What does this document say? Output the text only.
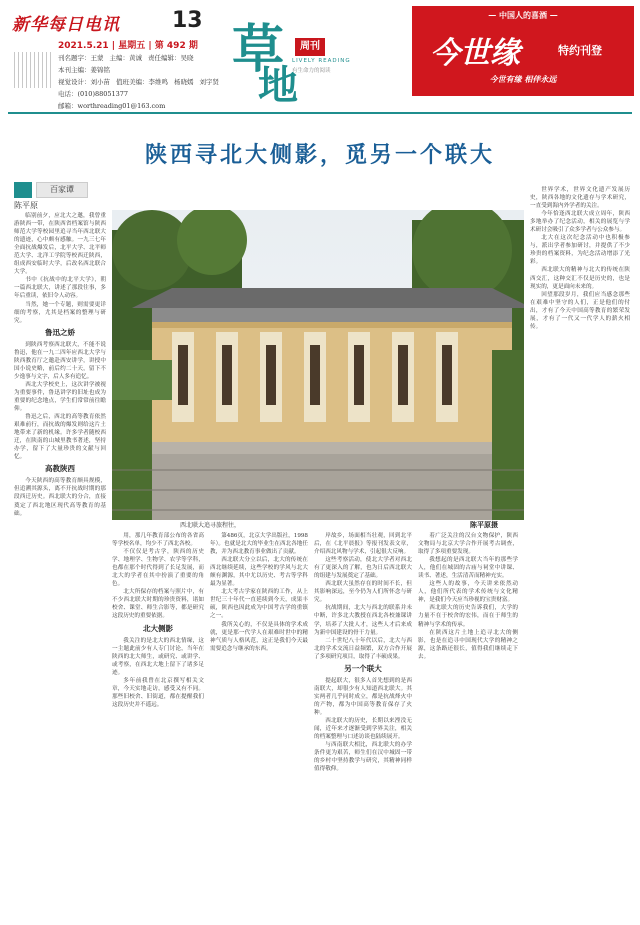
新华每日电讯 13
2021.5.21 | 星期五 | 第 492 期
刊名题字：王蒙 主编：黄诚 责任编辑：吴晓
本刊主编：姜锦铭
视觉设计：刘小苗 值班美编：李维鸣 杨晓嫣 刘宇贤
电话：(010)88051377
邮箱：worthreading01@163.com
草
地
周刊
LIVELY READING
有生命力的阅读
— 中国人的喜酒 —
今世缘	特约刊登
今世有缘 相伴永远
陕西寻北大侧影，觅另一个联大
百家谭
陈平原
西北联大追寻旅程往，	陈平原摄

临别前夕，应北大之邀，我曾重游陕西一带，在陕西省档案馆与陕西师范大学等校园里追寻当年西北联大的遗迹，心中颇有感触。一九三七年全面抗战爆发后，北平大学、北平师范大学、北洋工学院等校西迁陕西，组成西安临时大学，后改名西北联合大学。

书中《抗战中的北平大学》，朝一篇西北联大，讲述了那段往事，多年后重读，依旧令人动容。

当然，她一个专题，则需要更详细的考察，尤其是档案的整理与研究。

鲁迅之娇

到陕西考察西北联大，不能不说鲁迅，他在一九二四年应西北大学与陕西教育厅之邀赴西安讲学，讲授中国小说史略，前后约二十天，留下不少逸事与文字，后人多有追忆。

西北大学校史上，这次讲学被视为重要事件，鲁迅讲学的旧址也成为重要的纪念地点，学生们常常前往瞻仰。

鲁迅之后，西北的高等教育依然艰难前行，而抗战的爆发则给这片土地带来了新的机缘。许多学者随校西迁，在陕南的山城里教书著述，坚持办学，留下了大量珍贵的文献与回忆。

高教陕西

今天陕西的高等教育颇具规模，但追溯其源头，离不开抗战时期的那段西迁历史。西北联大的分合，直接奠定了西北地区现代高等教育的基础。

用，那几年教育部公布的各省高等学校名单，均少不了西北各校。

不仅仅是考古学，陕西的历史学、地理学、生物学、农学等学科，也都在那个时代得到了长足发展，而北大的学者在其中扮演了重要的角色。

北大所保存的档案与照片中，有不少西北联大时期的珍贵资料，诸如校舍、课堂、师生合影等，都是研究这段历史的重要依据。

北大侧影

我关注的是北大的西北情缘，这一主题此前少有人专门讨论，当年在陕西的北大师生，或研究、或讲学、或考察，在西北大地上留下了诸多足迹。

多年前我曾在北京撰写相关文章，今天实地走访，感受又有不同。那些旧校舍、旧街道，都在提醒我们这段历史并不遥远。

第486页，北京大学出版社，1998年）。也就是北大的毕业生在西北各地任教，并为西北教育事业做出了贡献。

西北联大分立以后，北大的传统在西北继续延续，这些学校的学风与北大颇有渊源，其中尤以历史、考古等学科最为显著。

北大考古学家在陕西的工作，从上世纪三十年代一直延续到今天，成果丰硕，陕西也因此成为中国考古学的重镇之一。

我所关心的，不仅是具体的学术成就，更是那一代学人在艰难时世中的精神气质与人格风范，这正是我们今天最需要追念与继承的东西。

岸故乡，场面相当壮观，回到北平后，在《北平晨报》等报刊发表文章，介绍西北风物与学术，引起很大反响。

这些考察活动，使北大学者对西北有了更深入的了解，也为日后西北联大的组建与发展奠定了基础。

西北联大虽然存在的时间不长，但其影响深远，至今仍为人们所怀念与研究。

抗战期间，北大与西北的联系并未中断，许多北大教授在西北各校兼课讲学，培养了大批人才，这些人才后来成为新中国建设的骨干力量。

二十世纪八十年代以后，北大与西北的学术交流日益频繁，双方合作开展了多项研究项目，取得了丰硕成果。

另一个联大

提起联大，很多人首先想到的是西南联大，却很少有人知道西北联大。其实两者几乎同时成立，都是抗战烽火中的产物，都为中国高等教育保存了火种。

西北联大的历史，长期以来湮没无闻，近年来才逐渐受到学界关注，相关的档案整理与口述访谈也陆续展开。

与西南联大相比，西北联大的办学条件更为艰苦，师生们在汉中城固一带的乡村中坚持教学与研究，其精神同样值得敬仰。

着广泛关注的汉台文物保护，陕西文物局与北京大学合作开展考古调查，取得了多项重要发现。

我想起的是西北联大当年的那些学人，他们在城固的古庙与祠堂中讲课、读书、著述，生活清苦而精神充实。

这些人的故事，今天讲来依然动人，他们所代表的学术传统与文化精神，是我们今天应当珍视的宝贵财富。

西北联大的历史告诉我们，大学的力量不在于校舍的宏伟，而在于师生的精神与学术的传承。

在陕西这片土地上追寻北大的侧影，也是在追寻中国现代大学的精神之源，这条路还很长，值得我们继续走下去。

世界学术，世界文化遗产发展历史，陕西各地的文化遗存与学术研究，一直受到海内外学者的关注。

今年恰逢西北联大成立周年，陕西多地举办了纪念活动，相关的展览与学术研讨会吸引了众多学者与公众参与。

北大在这次纪念活动中也积极参与，派出学者参加研讨，并提供了不少珍贵的档案资料，为纪念活动增添了光彩。

西北联大的精神与北大的传统在陕西交汇，这种交汇不仅是历史的，也是现实的，更是面向未来的。

回望那段岁月，我们应当感念那些在艰难中坚守的人们，正是他们的付出，才有了今天中国高等教育的繁荣发展，才有了一代又一代学人的薪火相传。
